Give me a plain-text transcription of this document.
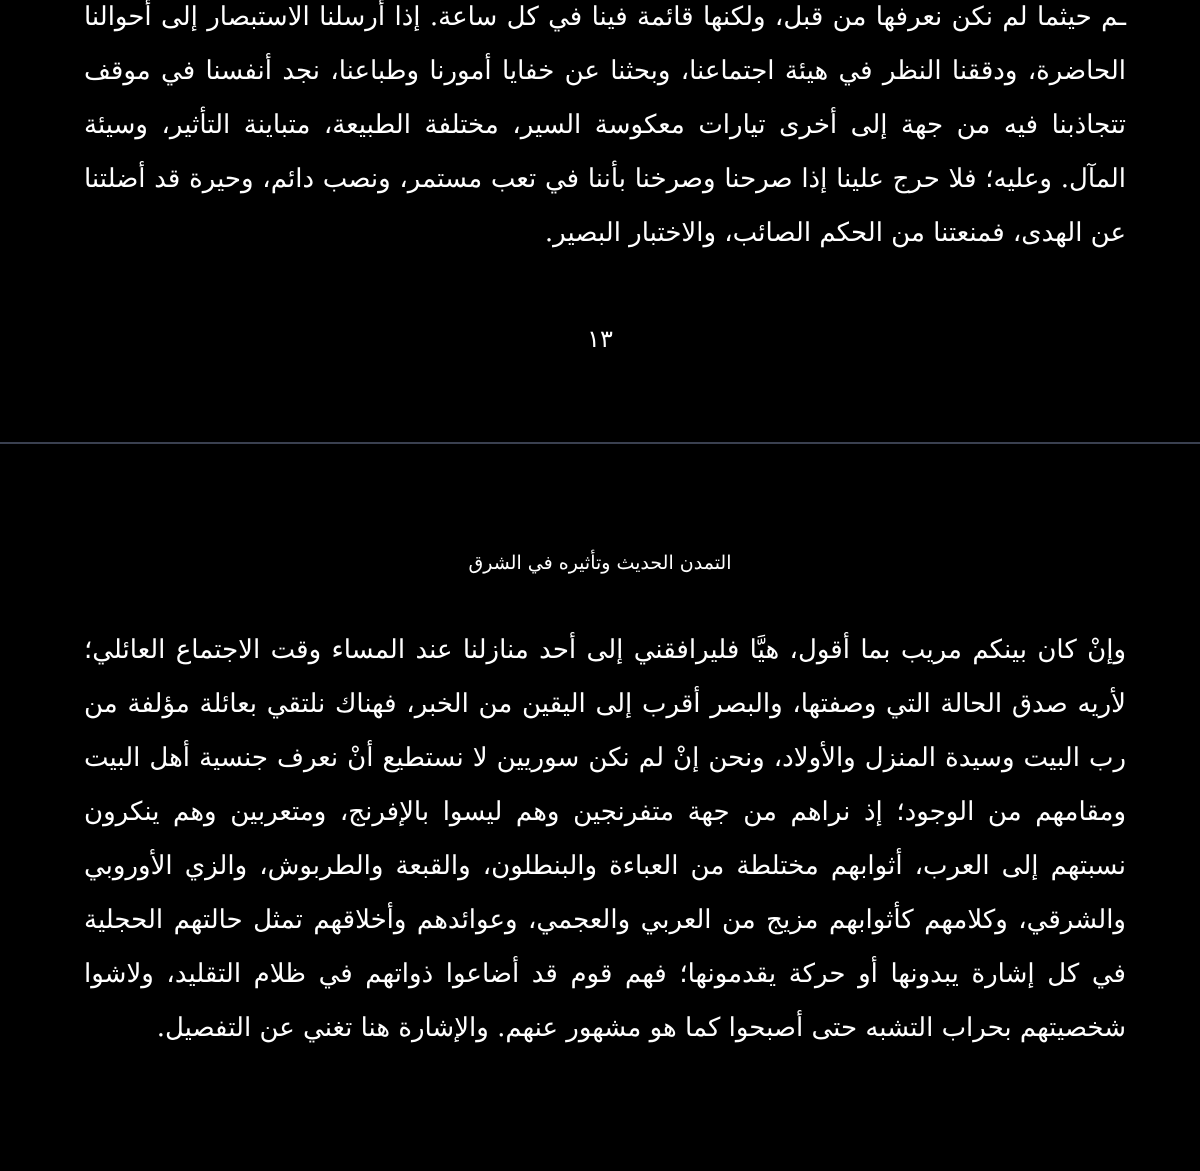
ـم حيثما لم نكن نعرفها من قبل، ولكنها قائمة فينا في كل ساعة. إذا أرسلنا الاستبصار إلى أحوالنا الحاضرة، ودققنا النظر في هيئة اجتماعنا، وبحثنا عن خفايا أمورنا وطباعنا، نجد أنفسنا في موقف تتجاذبنا فيه من جهة إلى أخرى تيارات معكوسة السير، مختلفة الطبيعة، متباينة التأثير، وسيئة المآل. وعليه؛ فلا حرج علينا إذا صرحنا وصرخنا بأننا في تعب مستمر، ونصب دائم، وحيرة قد أضلتنا عن الهدى، فمنعتنا من الحكم الصائب، والاختبار البصير.

١٣
التمدن الحديث وتأثيره في الشرق

وإنْ كان بينكم مريب بما أقول، هيَّا فليرافقني إلى أحد منازلنا عند المساء وقت الاجتماع العائلي؛ لأريه صدق الحالة التي وصفتها، والبصر أقرب إلى اليقين من الخبر، فهناك نلتقي بعائلة مؤلفة من رب البيت وسيدة المنزل والأولاد، ونحن إنْ لم نكن سوريين لا نستطيع أنْ نعرف جنسية أهل البيت ومقامهم من الوجود؛ إذ نراهم من جهة متفرنجين وهم ليسوا بالإفرنج، ومتعربين وهم ينكرون نسبتهم إلى العرب، أثوابهم مختلطة من العباءة والبنطلون، والقبعة والطربوش، والزي الأوروبي والشرقي، وكلامهم كأثوابهم مزيج من العربي والعجمي، وعوائدهم وأخلاقهم تمثل حالتهم الحجلية في كل إشارة يبدونها أو حركة يقدمونها؛ فهم قوم قد أضاعوا ذواتهم في ظلام التقليد، ولاشوا شخصيتهم بحراب التشبه حتى أصبحوا كما هو مشهور عنهم. والإشارة هنا تغني عن التفصيل.
